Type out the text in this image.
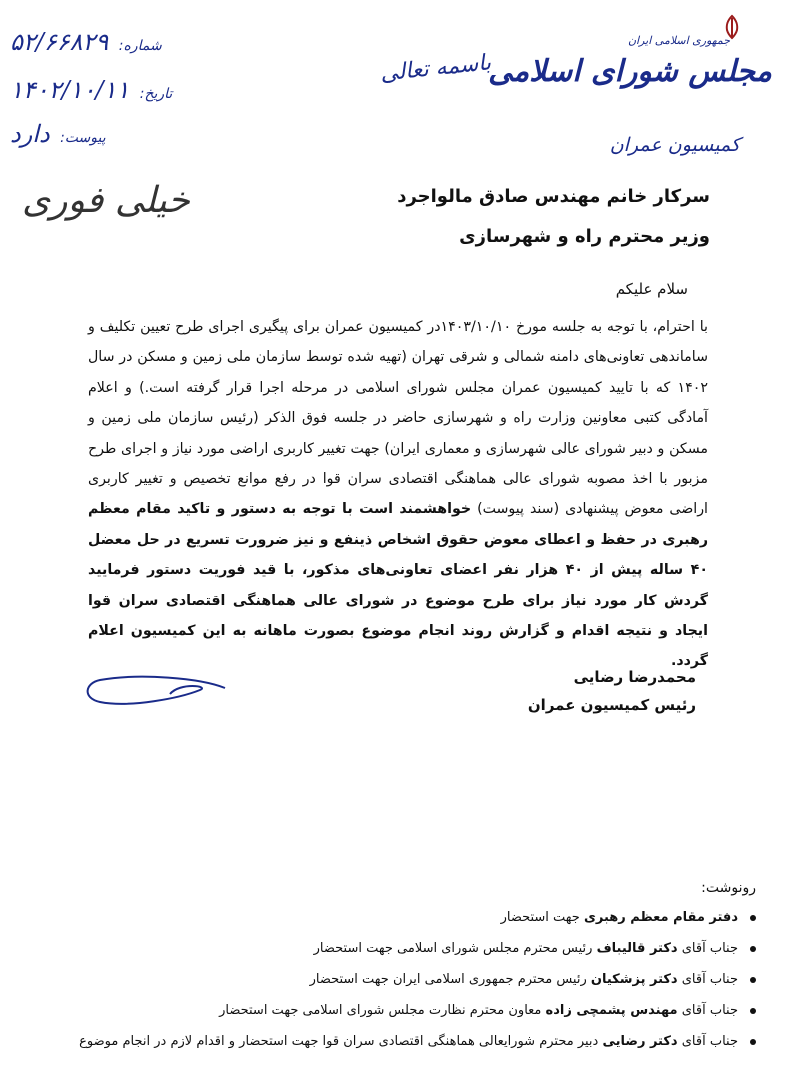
جمهوری اسلامی ایران
مجلس شورای اسلامی
کمیسیون عمران
باسمه تعالی
شماره: ۵۲/۶۶۸۲۹
تاریخ: ۱۴۰۲/۱۰/۱۱
پیوست: دارد
خیلی فوری	سرکار خانم مهندس صادق مالواجرد
وزیر محترم راه و شهرسازی
سلام علیکم
با احترام، با توجه به جلسه مورخ ۱۴۰۳/۱۰/۱۰در کمیسیون عمران برای پیگیری اجرای طرح تعیین تکلیف و ساماندهی تعاونی‌های دامنه شمالی و شرقی تهران (تهیه شده توسط سازمان ملی زمین و مسکن در سال ۱۴۰۲ که با تایید کمیسیون عمران مجلس شورای اسلامی در مرحله اجرا قرار گرفته است.) و اعلام آمادگی کتبی معاونین وزارت راه و شهرسازی حاضر در جلسه فوق الذکر (رئیس سازمان ملی زمین و مسکن و دبیر شورای عالی شهرسازی و معماری ایران) جهت تغییر کاربری اراضی مورد نیاز و اجرای طرح مزبور با اخذ مصوبه شورای عالی هماهنگی اقتصادی سران قوا در رفع موانع تخصیص و تغییر کاربری اراضی معوض پیشنهادی (سند پیوست) خواهشمند است با توجه به دستور و تاکید مقام معظم رهبری در حفظ و اعطای معوض حقوق اشخاص ذینفع و نیز ضرورت تسریع در حل معضل ۴۰ ساله پیش از ۴۰ هزار نفر اعضای تعاونی‌های مذکور، با قید فوریت دستور فرمایید گردش کار مورد نیاز برای طرح موضوع در شورای عالی هماهنگی اقتصادی سران قوا ایجاد و نتیجه اقدام و گزارش روند انجام موضوع بصورت ماهانه به این کمیسیون اعلام گردد.
محمدرضا رضایی
رئیس کمیسیون عمران
رونوشت:
دفتر مقام معظم رهبری جهت استحضار
جناب آقای دکتر قالیباف رئیس محترم مجلس شورای اسلامی جهت استحضار
جناب آقای دکتر پزشکیان رئیس محترم جمهوری اسلامی ایران جهت استحضار
جناب آقای مهندس پشمچی زاده معاون محترم نظارت مجلس شورای اسلامی جهت استحضار
جناب آقای دکتر رضایی دبیر محترم شورایعالی هماهنگی اقتصادی سران قوا جهت استحضار و اقدام لازم در انجام موضوع
